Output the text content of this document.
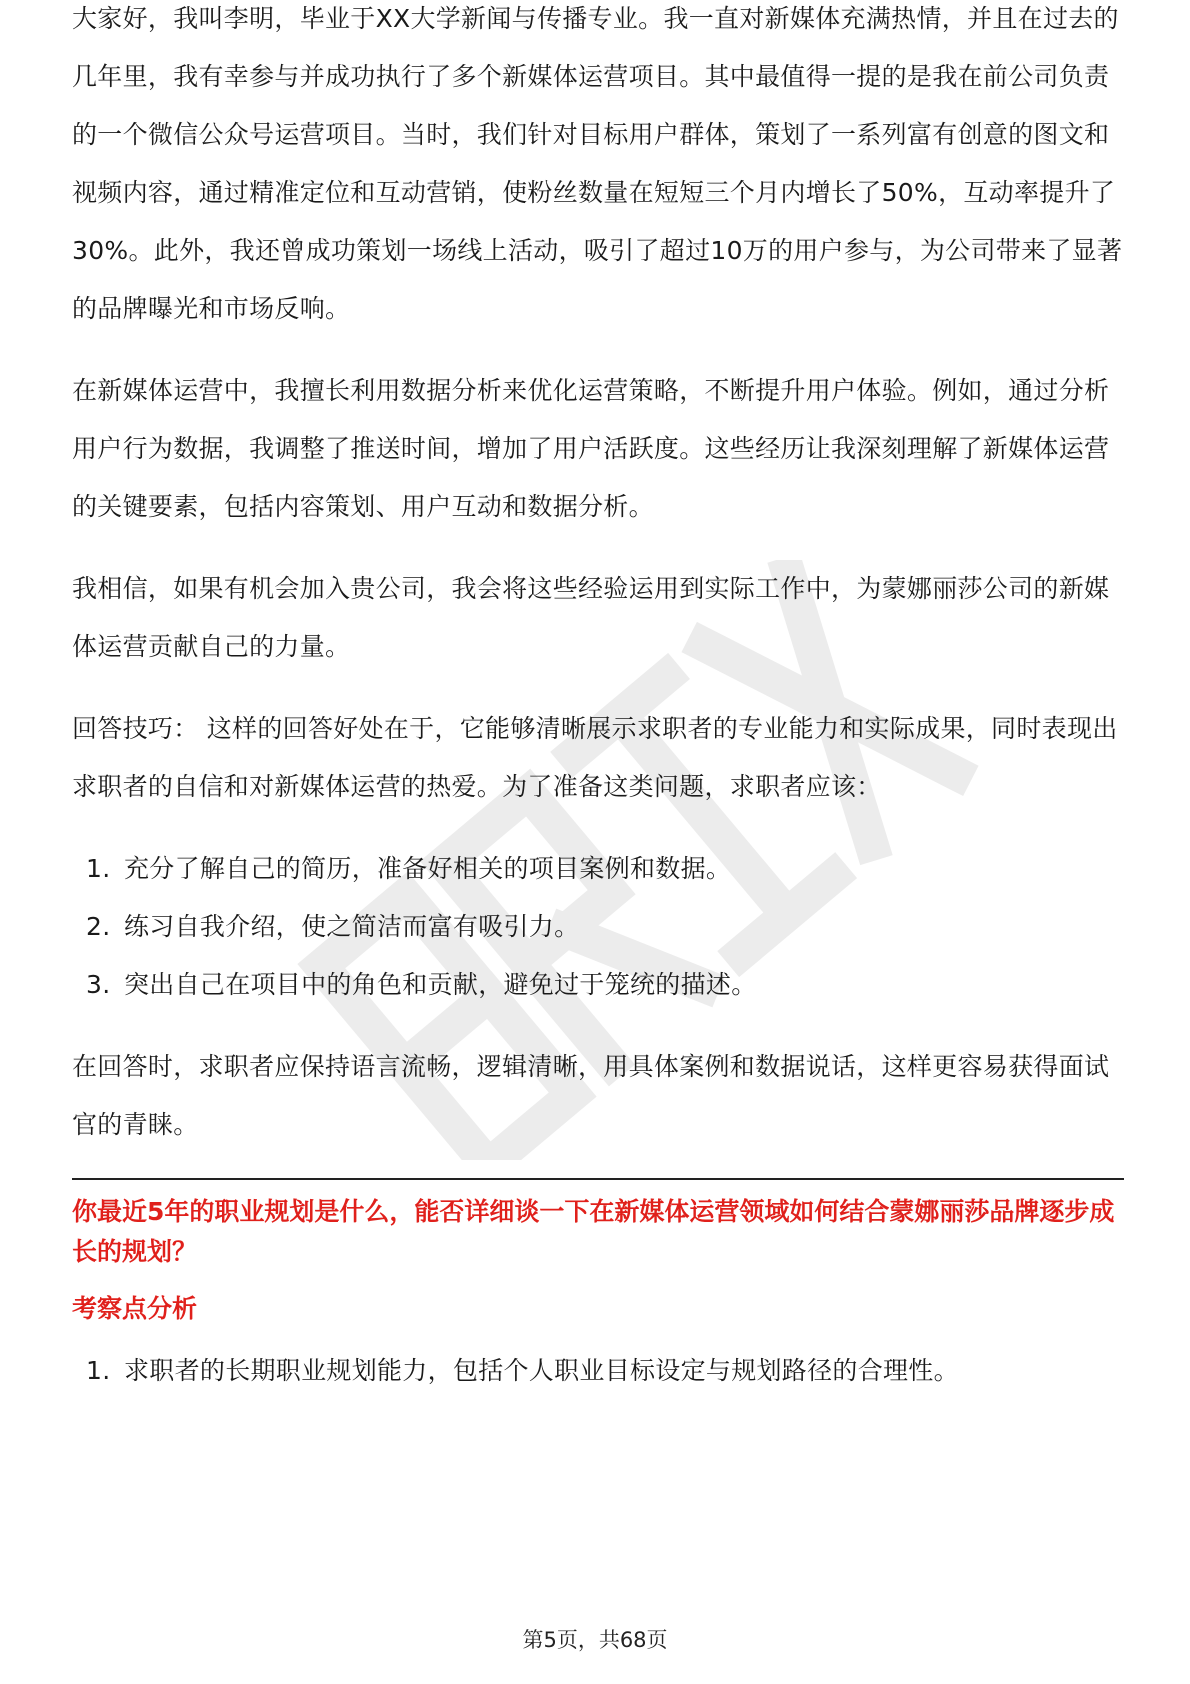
大家好，我叫李明，毕业于XX大学新闻与传播专业。我一直对新媒体充满热情，并且在过去的几年里，我有幸参与并成功执行了多个新媒体运营项目。其中最值得一提的是我在前公司负责的一个微信公众号运营项目。当时，我们针对目标用户群体，策划了一系列富有创意的图文和视频内容，通过精准定位和互动营销，使粉丝数量在短短三个月内增长了50%，互动率提升了30%。此外，我还曾成功策划一场线上活动，吸引了超过10万的用户参与，为公司带来了显著的品牌曝光和市场反响。

在新媒体运营中，我擅长利用数据分析来优化运营策略，不断提升用户体验。例如，通过分析用户行为数据，我调整了推送时间，增加了用户活跃度。这些经历让我深刻理解了新媒体运营的关键要素，包括内容策划、用户互动和数据分析。

我相信，如果有机会加入贵公司，我会将这些经验运用到实际工作中，为蒙娜丽莎公司的新媒体运营贡献自己的力量。

回答技巧： 这样的回答好处在于，它能够清晰展示求职者的专业能力和实际成果，同时表现出求职者的自信和对新媒体运营的热爱。为了准备这类问题，求职者应该：

1. 充分了解自己的简历，准备好相关的项目案例和数据。
2. 练习自我介绍，使之简洁而富有吸引力。
3. 突出自己在项目中的角色和贡献，避免过于笼统的描述。

在回答时，求职者应保持语言流畅，逻辑清晰，用具体案例和数据说话，这样更容易获得面试官的青睐。

你最近5年的职业规划是什么，能否详细谈一下在新媒体运营领域如何结合蒙娜丽莎品牌逐步成长的规划？
考察点分析
1. 求职者的长期职业规划能力，包括个人职业目标设定与规划路径的合理性。
第5页，共68页
